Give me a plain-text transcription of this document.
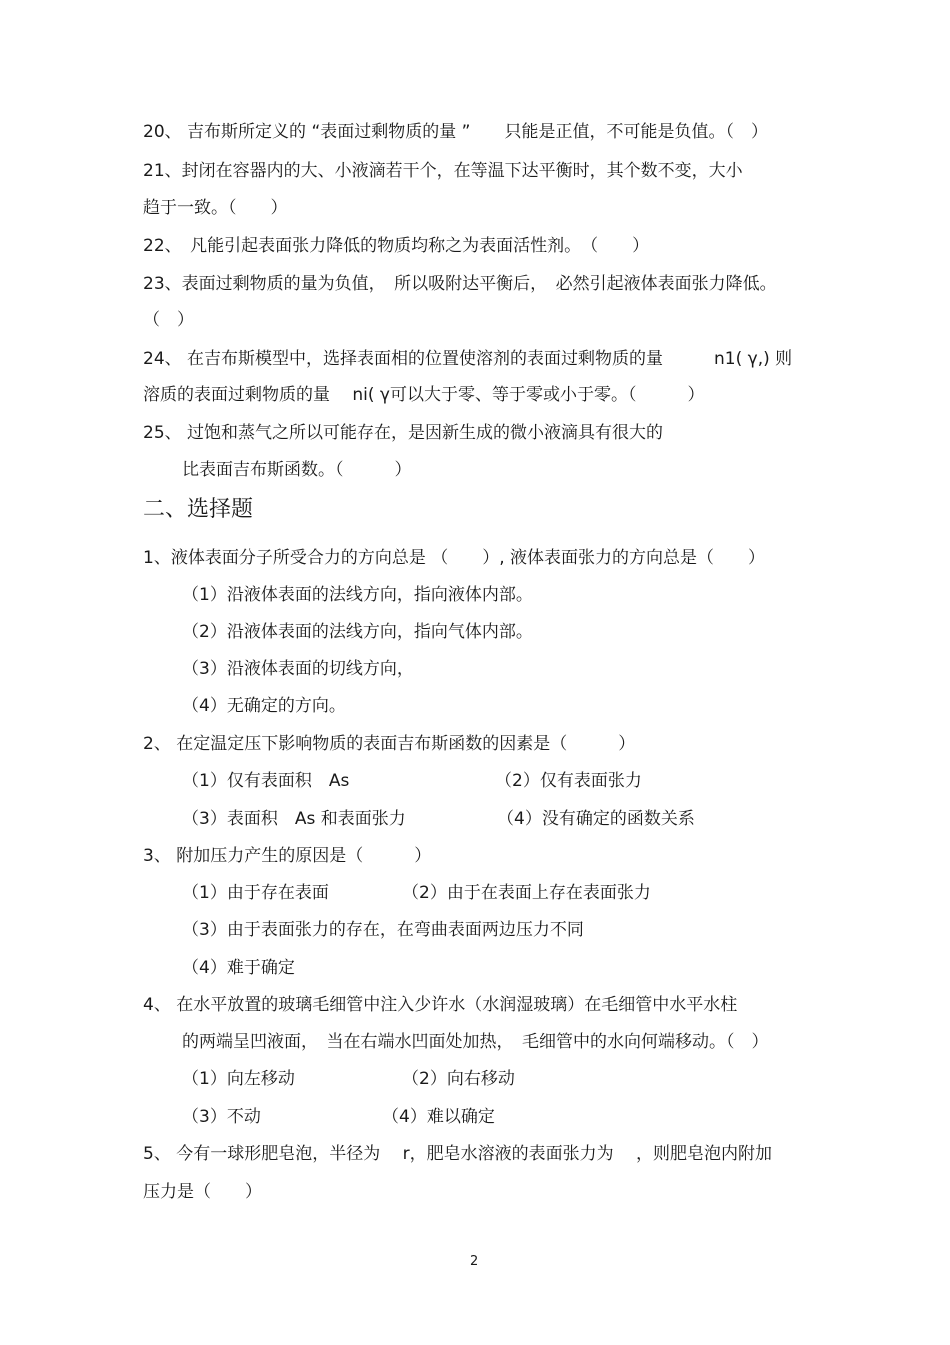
20、 吉布斯所定义的 “表面过剩物质的量 ”　　只能是正值，不可能是负值。（　）
21、封闭在容器内的大、小液滴若干个，在等温下达平衡时，其个数不变，大小
趋于一致。（　　）
22、　凡能引起表面张力降低的物质均称之为表面活性剂。　（　　）
23、表面过剩物质的量为负值，　所以吸附达平衡后，　必然引起液体表面张力降低。
（　）
24、 在吉布斯模型中，选择表面相的位置使溶剂的表面过剩物质的量　　　n1( γ,) 则
溶质的表面过剩物质的量　 ni( γ可以大于零、等于零或小于零。（　　　）
25、 过饱和蒸气之所以可能存在，是因新生成的微小液滴具有很大的
比表面吉布斯函数。（　　　）
二、选择题
1、液体表面分子所受合力的方向总是 （　　）, 液体表面张力的方向总是（　　）
（1）沿液体表面的法线方向，指向液体内部。
（2）沿液体表面的法线方向，指向气体内部。
（3）沿液体表面的切线方向，
（4）无确定的方向。
2、 在定温定压下影响物质的表面吉布斯函数的因素是（　　　）
（1）仅有表面积　As	（2）仅有表面张力
（3）表面积　As 和表面张力	（4）没有确定的函数关系
3、 附加压力产生的原因是（　　　）
（1）由于存在表面	（2）由于在表面上存在表面张力
（3）由于表面张力的存在，在弯曲表面两边压力不同
（4）难于确定
4、 在水平放置的玻璃毛细管中注入少许水（水润湿玻璃）在毛细管中水平水柱
的两端呈凹液面，　当在右端水凹面处加热，　毛细管中的水向何端移动。（　）
（1）向左移动	（2）向右移动
（3）不动	（4）难以确定
5、 今有一球形肥皂泡，半径为　 r，肥皂水溶液的表面张力为　 ，则肥皂泡内附加
压力是（　　）
2
